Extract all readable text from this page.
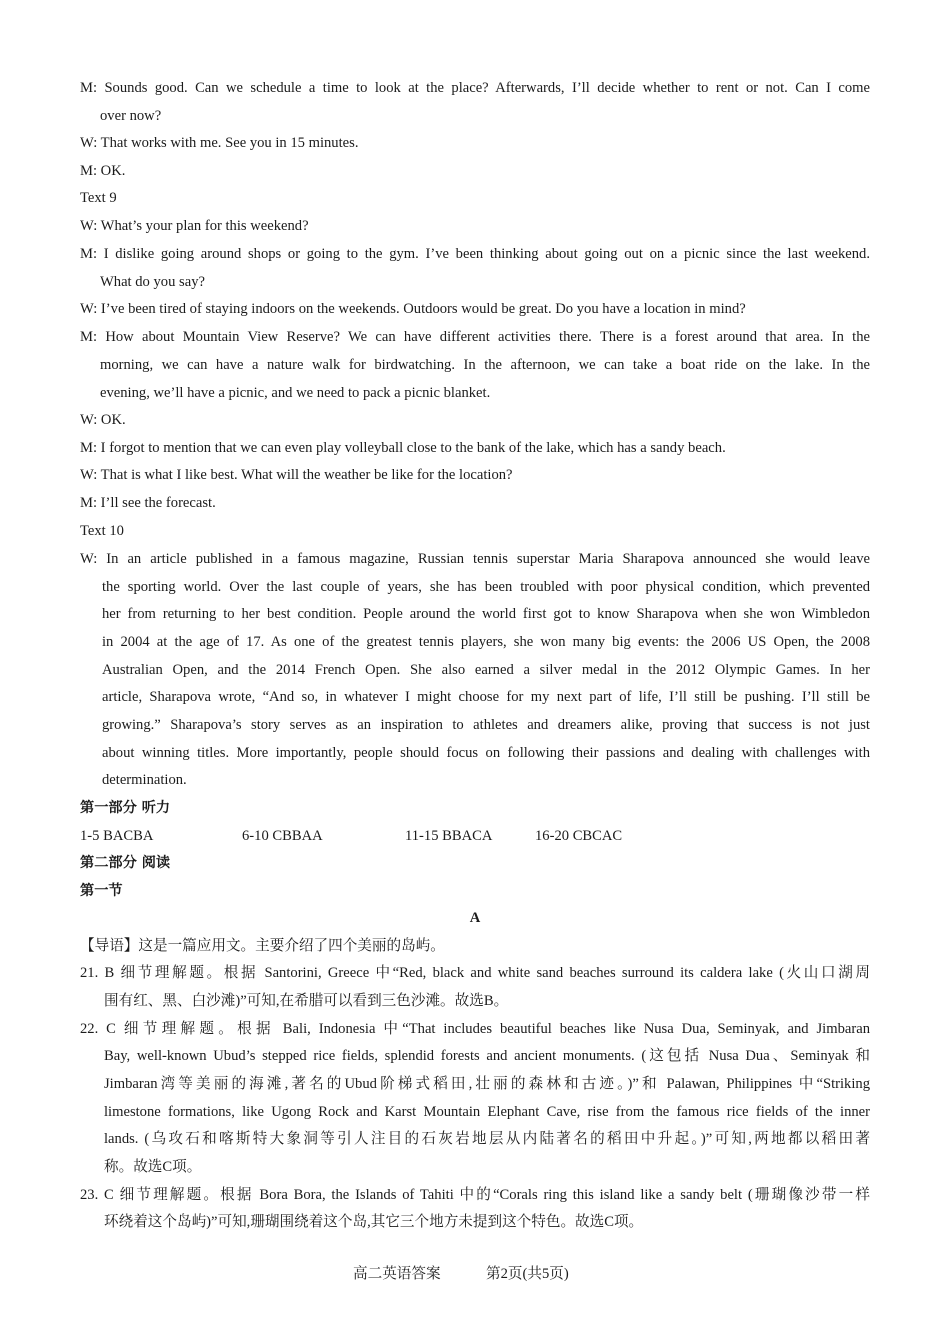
M: Sounds good. Can we schedule a time to look at the place? Afterwards, I’ll decide whether to rent or not. Can I come
over now?
W: That works with me. See you in 15 minutes.
M: OK.
Text 9
W: What’s your plan for this weekend?
M: I dislike going around shops or going to the gym. I’ve been thinking about going out on a picnic since the last weekend.
What do you say?
W: I’ve been tired of staying indoors on the weekends. Outdoors would be great. Do you have a location in mind?
M: How about Mountain View Reserve? We can have different activities there. There is a forest around that area. In the
morning, we can have a nature walk for birdwatching. In the afternoon, we can take a boat ride on the lake. In the
evening, we’ll have a picnic, and we need to pack a picnic blanket.
W: OK.
M: I forgot to mention that we can even play volleyball close to the bank of the lake, which has a sandy beach.
W: That is what I like best. What will the weather be like for the location?
M: I’ll see the forecast.
Text 10
W: In an article published in a famous magazine, Russian tennis superstar Maria Sharapova announced she would leave
the sporting world. Over the last couple of years, she has been troubled with poor physical condition, which prevented
her from returning to her best condition. People around the world first got to know Sharapova when she won Wimbledon
in 2004 at the age of 17. As one of the greatest tennis players, she won many big events: the 2006 US Open, the 2008
Australian Open, and the 2014 French Open. She also earned a silver medal in the 2012 Olympic Games. In her
article, Sharapova wrote, “And so, in whatever I might choose for my next part of life, I’ll still be pushing. I’ll still be
growing.” Sharapova’s story serves as an inspiration to athletes and dreamers alike, proving that success is not just
about winning titles. More importantly, people should focus on following their passions and dealing with challenges with
determination.
第一部分 听力
1-5 BACBA	6-10 CBBAA	11-15 BBACA	16-20 CBCAC
第二部分 阅读
第一节
A
【导语】这是一篇应用文。主要介绍了四个美丽的岛屿。
21. B 细节理解题。根据 Santorini, Greece 中“Red, black and white sand beaches surround its caldera lake (火山口湖周
围有红、黑、白沙滩)”可知,在希腊可以看到三色沙滩。故选B。
22. C 细节理解题。根据 Bali, Indonesia 中“That includes beautiful beaches like Nusa Dua, Seminyak, and Jimbaran
Bay, well-known Ubud’s stepped rice fields, splendid forests and ancient monuments. (这包括 Nusa Dua、Seminyak 和
Jimbaran湾等美丽的海滩,著名的Ubud阶梯式稻田,壮丽的森林和古迹。)”和 Palawan, Philippines 中“Striking
limestone formations, like Ugong Rock and Karst Mountain Elephant Cave, rise from the famous rice fields of the inner
lands. (乌攻石和喀斯特大象洞等引人注目的石灰岩地层从内陆著名的稻田中升起。)”可知,两地都以稻田著
称。故选C项。
23. C 细节理解题。根据 Bora Bora, the Islands of Tahiti 中的“Corals ring this island like a sandy belt (珊瑚像沙带一样
环绕着这个岛屿)”可知,珊瑚围绕着这个岛,其它三个地方未提到这个特色。故选C项。
高二英语答案	第2页(共5页)
